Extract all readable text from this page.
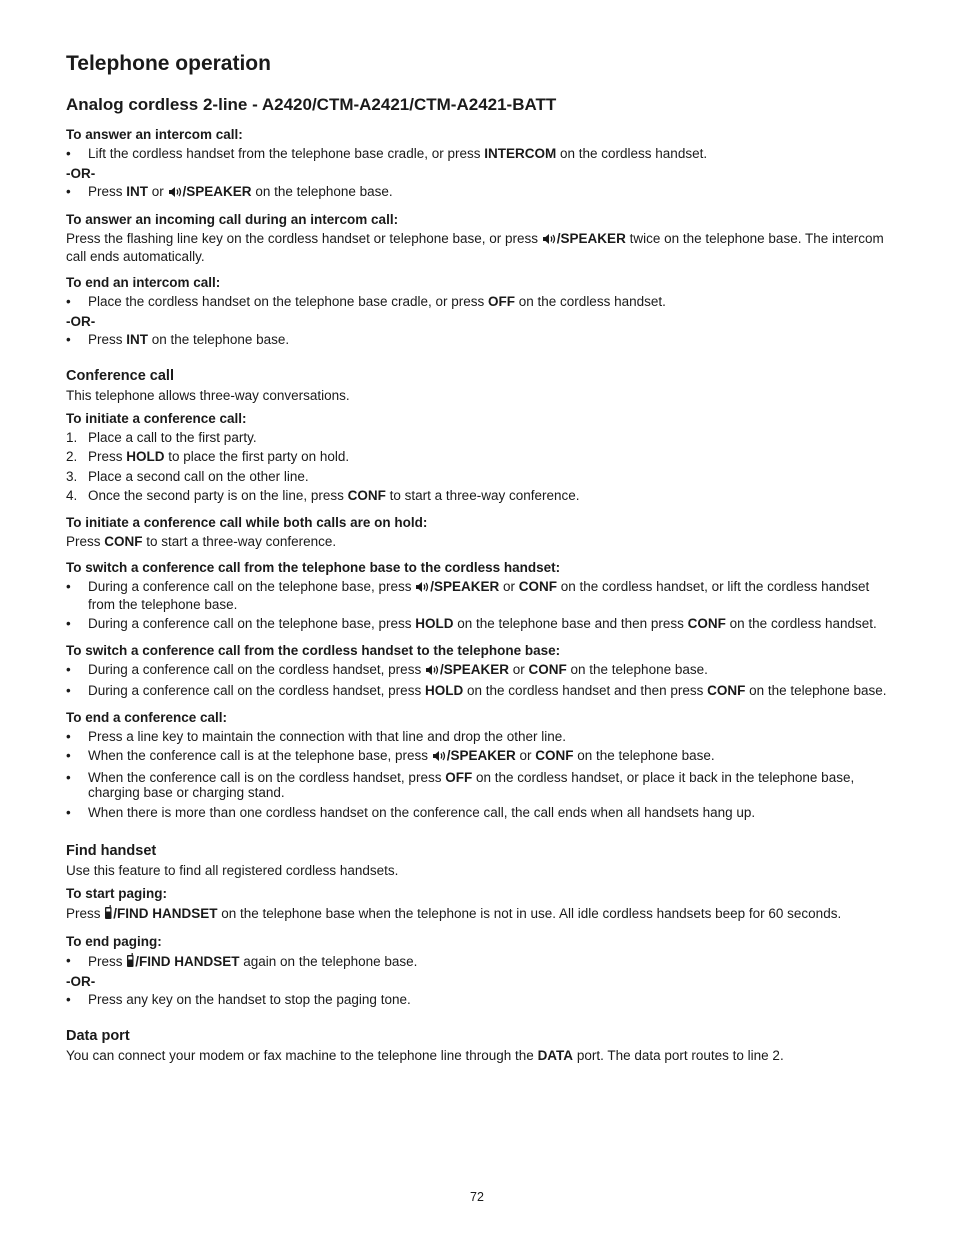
Telephone operation
Analog cordless 2-line - A2420/CTM-A2421/CTM-A2421-BATT
To answer an intercom call:
• Lift the cordless handset from the telephone base cradle, or press INTERCOM on the cordless handset.
-OR-
• Press INT or /SPEAKER on the telephone base.
To answer an incoming call during an intercom call:

Press the flashing line key on the cordless handset or telephone base, or press /SPEAKER twice on the telephone base. The intercom call ends automatically.

To end an intercom call:
• Place the cordless handset on the telephone base cradle, or press OFF on the cordless handset.
-OR-
• Press INT on the telephone base.
Conference call

This telephone allows three-way conversations.

To initiate a conference call:
1. Place a call to the first party.
2. Press HOLD to place the first party on hold.
3. Place a second call on the other line.
4. Once the second party is on the line, press CONF to start a three-way conference.
To initiate a conference call while both calls are on hold:

Press CONF to start a three-way conference.

To switch a conference call from the telephone base to the cordless handset:
• During a conference call on the telephone base, press /SPEAKER or CONF on the cordless handset, or lift the cordless handset from the telephone base.
• During a conference call on the telephone base, press HOLD on the telephone base and then press CONF on the cordless handset.
To switch a conference call from the cordless handset to the telephone base:
• During a conference call on the cordless handset, press /SPEAKER or CONF on the telephone base.
• During a conference call on the cordless handset, press HOLD on the cordless handset and then press CONF on the telephone base.
To end a conference call:
• Press a line key to maintain the connection with that line and drop the other line.
• When the conference call is at the telephone base, press /SPEAKER or CONF on the telephone base.
• When the conference call is on the cordless handset, press OFF on the cordless handset, or place it back in the telephone base, charging base or charging stand.
• When there is more than one cordless handset on the conference call, the call ends when all handsets hang up.
Find handset

Use this feature to find all registered cordless handsets.

To start paging:

Press /FIND HANDSET on the telephone base when the telephone is not in use. All idle cordless handsets beep for 60 seconds.

To end paging:
• Press /FIND HANDSET again on the telephone base.
-OR-
• Press any key on the handset to stop the paging tone.
Data port

You can connect your modem or fax machine to the telephone line through the DATA port. The data port routes to line 2.

72
